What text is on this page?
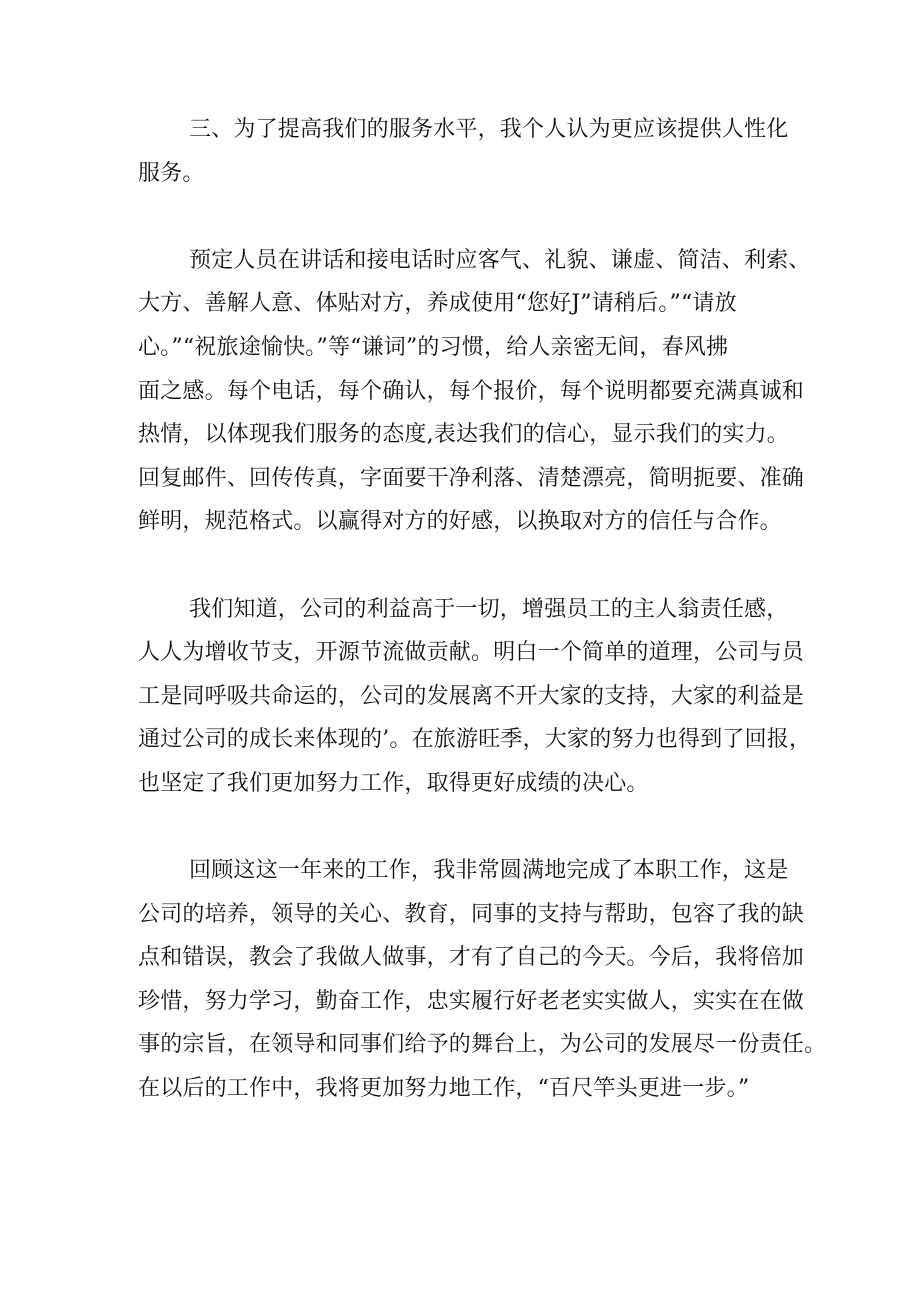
三、为了提高我们的服务水平，我个人认为更应该提供人性化
服务。

预定人员在讲话和接电话时应客气、礼貌、谦虚、简洁、利索、
大方、善解人意、体贴对方，养成使用“您好J”请稍后。”“请放
心。”“祝旅途愉快。”等“谦词”的习惯，给人亲密无间，春风拂
面之感。每个电话，每个确认，每个报价，每个说明都要充满真诚和
热情，以体现我们服务的态度,表达我们的信心，显示我们的实力。
回复邮件、回传传真，字面要干净利落、清楚漂亮，简明扼要、准确
鲜明，规范格式。以赢得对方的好感，以换取对方的信任与合作。

我们知道，公司的利益高于一切，增强员工的主人翁责任感，
人人为增收节支，开源节流做贡献。明白一个简单的道理，公司与员
工是同呼吸共命运的，公司的发展离不开大家的支持，大家的利益是
通过公司的成长来体现的’。在旅游旺季，大家的努力也得到了回报，
也坚定了我们更加努力工作，取得更好成绩的决心。

回顾这这一年来的工作，我非常圆满地完成了本职工作，这是
公司的培养，领导的关心、教育，同事的支持与帮助，包容了我的缺
点和错误，教会了我做人做事，才有了自己的今天。今后，我将倍加
珍惜，努力学习，勤奋工作，忠实履行好老老实实做人，实实在在做
事的宗旨，在领导和同事们给予的舞台上，为公司的发展尽一份责任。
在以后的工作中，我将更加努力地工作，“百尺竿头更进一步。”
